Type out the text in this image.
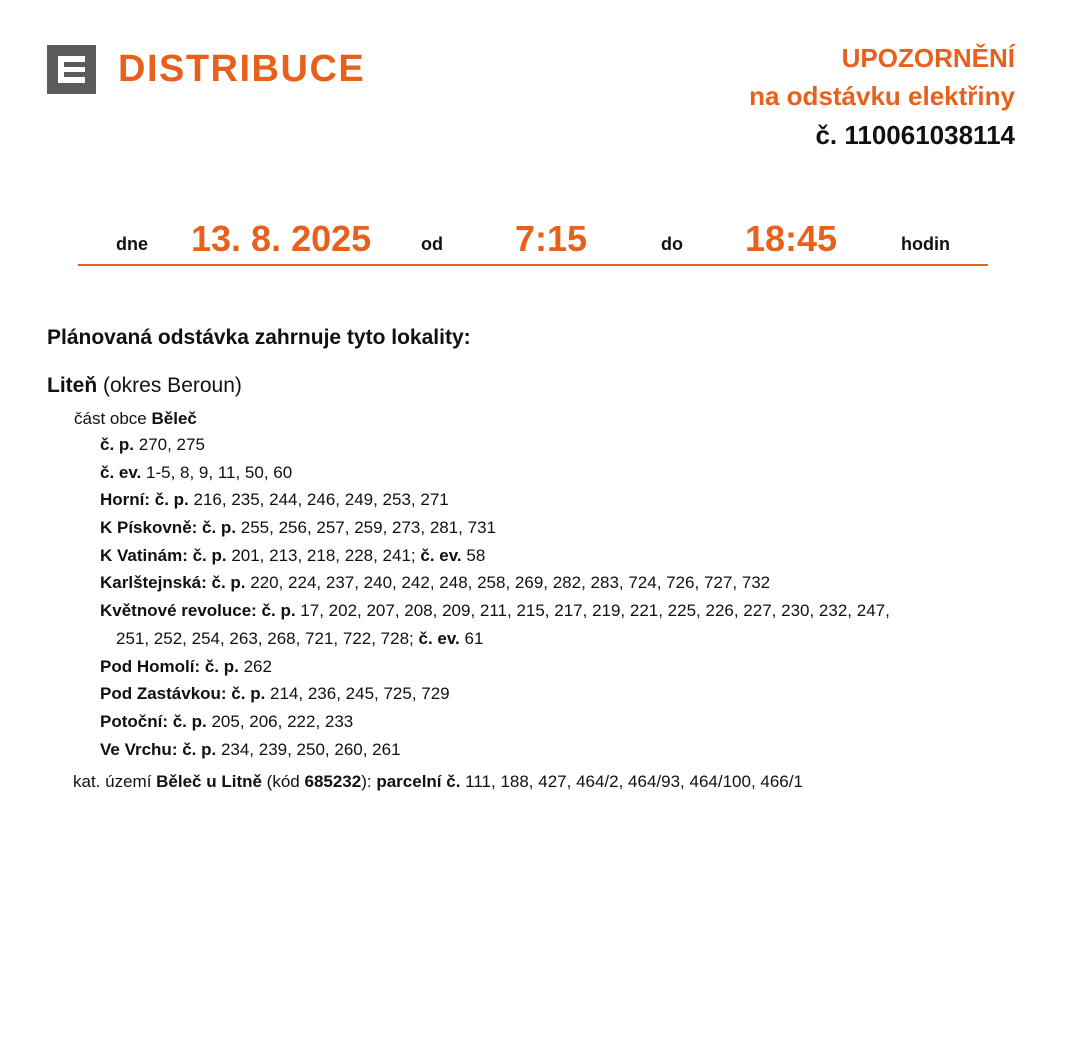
DISTRIBUCE	UPOZORNĚNÍ
na odstávku elektřiny
č. 110061038114
dne 13. 8. 2025	od 7:15	do 18:45	hodin
Plánovaná odstávka zahrnuje tyto lokality:
Liteň (okres Beroun)
část obce Běleč
č. p. 270, 275
č. ev. 1-5, 8, 9, 11, 50, 60
Horní: č. p. 216, 235, 244, 246, 249, 253, 271
K Pískovně: č. p. 255, 256, 257, 259, 273, 281, 731
K Vatinám: č. p. 201, 213, 218, 228, 241; č. ev. 58
Karlštejnská: č. p. 220, 224, 237, 240, 242, 248, 258, 269, 282, 283, 724, 726, 727, 732
Květnové revoluce: č. p. 17, 202, 207, 208, 209, 211, 215, 217, 219, 221, 225, 226, 227, 230, 232, 247,
251, 252, 254, 263, 268, 721, 722, 728; č. ev. 61
Pod Homolí: č. p. 262
Pod Zastávkou: č. p. 214, 236, 245, 725, 729
Potoční: č. p. 205, 206, 222, 233
Ve Vrchu: č. p. 234, 239, 250, 260, 261
kat. území Běleč u Litně (kód 685232): parcelní č. 111, 188, 427, 464/2, 464/93, 464/100, 466/1
